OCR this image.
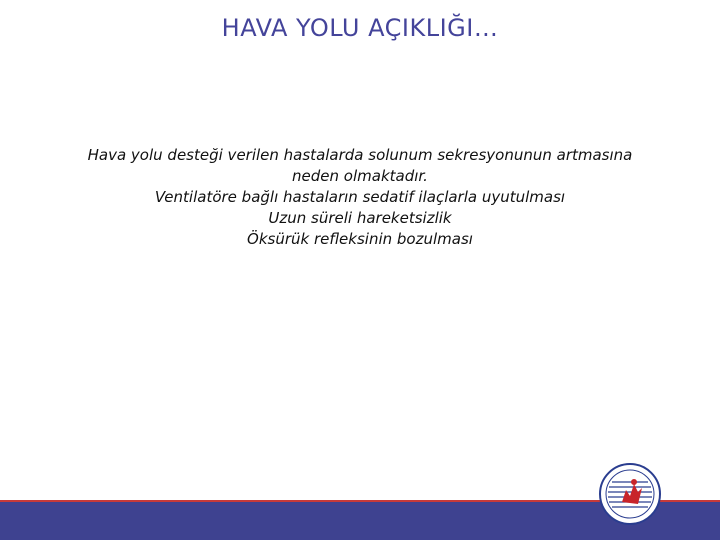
HAVA YOLU AÇIKLIĞI…
Hava yolu desteği verilen hastalarda solunum sekresyonunun artmasına
neden olmaktadır.
Ventilatöre bağlı hastaların sedatif ilaçlarla uyutulması
Uzun süreli hareketsizlik
Öksürük refleksinin bozulması
